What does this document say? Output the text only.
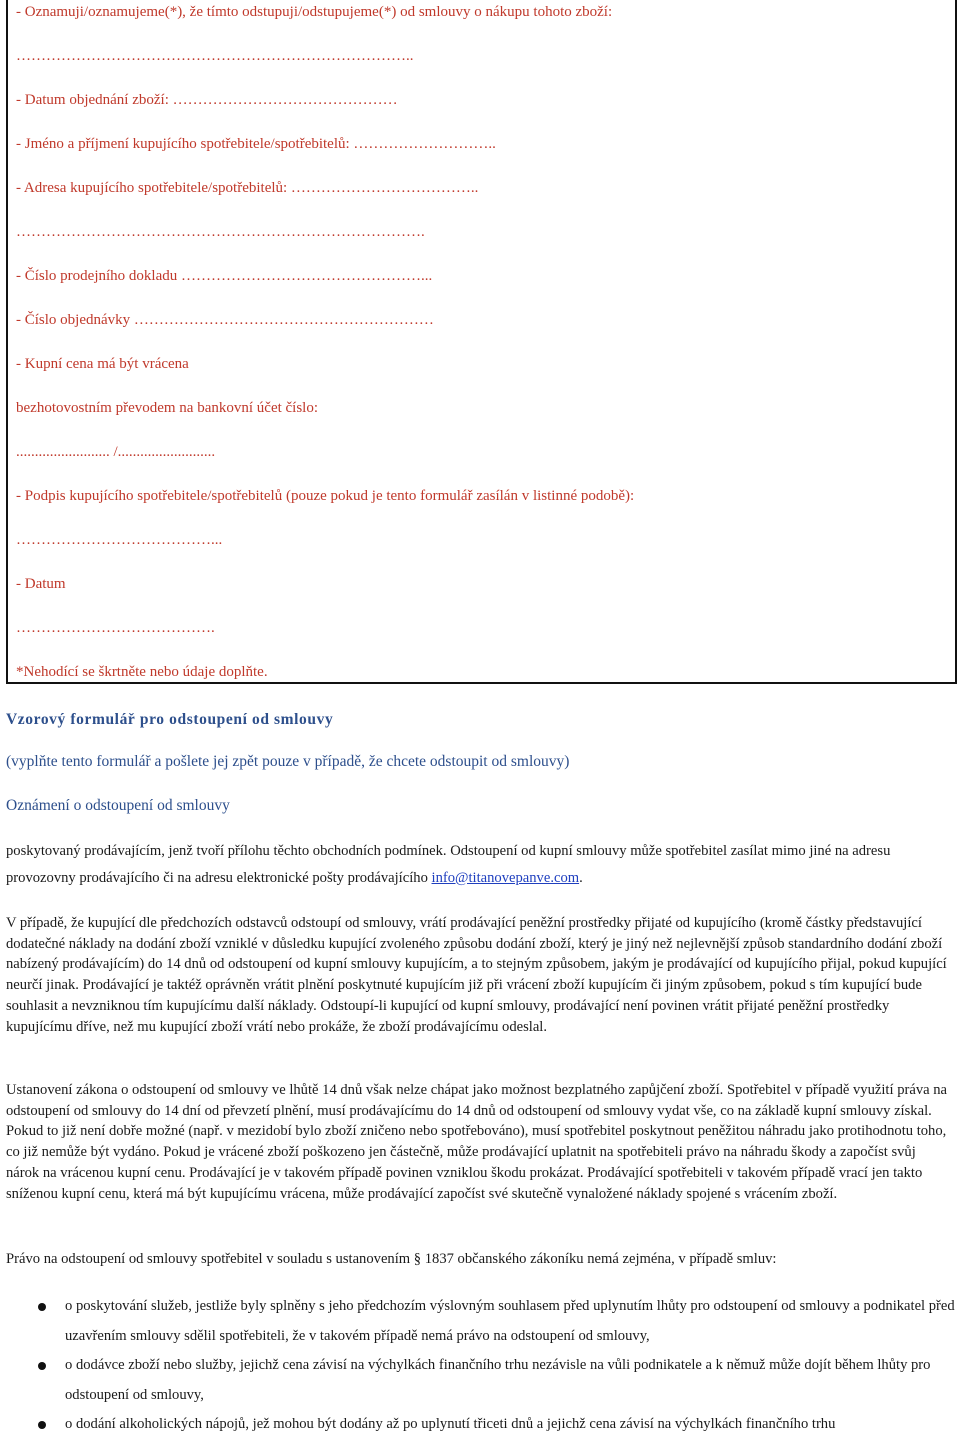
- Oznamuji/oznamujeme(*), že tímto odstupuji/odstupujeme(*) od smlouvy o nákupu tohoto zboží:
……………………………………………………………………..
- Datum objednání zboží: ………………………………………
- Jméno a příjmení kupujícího spotřebitele/spotřebitelů: ………………………..
- Adresa kupujícího spotřebitele/spotřebitelů: ………………………………..
……………………………………………………………………….
- Číslo prodejního dokladu …………………………………………...
- Číslo objednávky ……………………………………………………
- Kupní cena má být vrácena
bezhotovostním převodem na bankovní účet číslo:
......................... /..........................
- Podpis kupujícího spotřebitele/spotřebitelů (pouze pokud je tento formulář zasílán v listinné podobě):
…………………………………...
- Datum
………………………………….
*Nehodící se škrtněte nebo údaje doplňte.
Vzorový formulář pro odstoupení od smlouvy
(vyplňte tento formulář a pošlete jej zpět pouze v případě, že chcete odstoupit od smlouvy)
Oznámení o odstoupení od smlouvy
poskytovaný prodávajícím, jenž tvoří přílohu těchto obchodních podmínek. Odstoupení od kupní smlouvy může spotřebitel zasílat mimo jiné na adresu provozovny prodávajícího či na adresu elektronické pošty prodávajícího info@titanovepanve.com.
V případě, že kupující dle předchozích odstavců odstoupí od smlouvy, vrátí prodávající peněžní prostředky přijaté od kupujícího (kromě částky představující dodatečné náklady na dodání zboží vzniklé v důsledku kupující zvoleného způsobu dodání zboží, který je jiný než nejlevnější způsob standardního dodání zboží nabízený prodávajícím) do 14 dnů od odstoupení od kupní smlouvy kupujícím, a to stejným způsobem, jakým je prodávající od kupujícího přijal, pokud kupující neurčí jinak. Prodávající je taktéž oprávněn vrátit plnění poskytnuté kupujícím již při vrácení zboží kupujícím či jiným způsobem, pokud s tím kupující bude souhlasit a nevzniknou tím kupujícímu další náklady. Odstoupí-li kupující od kupní smlouvy, prodávající není povinen vrátit přijaté peněžní prostředky kupujícímu dříve, než mu kupující zboží vrátí nebo prokáže, že zboží prodávajícímu odeslal.
Ustanovení zákona o odstoupení od smlouvy ve lhůtě 14 dnů však nelze chápat jako možnost bezplatného zapůjčení zboží. Spotřebitel v případě využití práva na odstoupení od smlouvy do 14 dní od převzetí plnění, musí prodávajícímu do 14 dnů od odstoupení od smlouvy vydat vše, co na základě kupní smlouvy získal. Pokud to již není dobře možné (např. v mezidobí bylo zboží zničeno nebo spotřebováno), musí spotřebitel poskytnout peněžitou náhradu jako protihodnotu toho, co již nemůže být vydáno. Pokud je vrácené zboží poškozeno jen částečně, může prodávající uplatnit na spotřebiteli právo na náhradu škody a započíst svůj nárok na vrácenou kupní cenu. Prodávající je v takovém případě povinen vzniklou škodu prokázat. Prodávající spotřebiteli v takovém případě vrací jen takto sníženou kupní cenu, která má být kupujícímu vrácena, může prodávající započíst své skutečně vynaložené náklady spojené s vrácením zboží.
Právo na odstoupení od smlouvy spotřebitel v souladu s ustanovením § 1837 občanského zákoníku nemá zejména, v případě smluv:
o poskytování služeb, jestliže byly splněny s jeho předchozím výslovným souhlasem před uplynutím lhůty pro odstoupení od smlouvy a podnikatel před uzavřením smlouvy sdělil spotřebiteli, že v takovém případě nemá právo na odstoupení od smlouvy,
o dodávce zboží nebo služby, jejichž cena závisí na výchylkách finančního trhu nezávisle na vůli podnikatele a k němuž může dojít během lhůty pro odstoupení od smlouvy,
o dodání alkoholických nápojů, jež mohou být dodány až po uplynutí třiceti dnů a jejichž cena závisí na výchylkách finančního trhu
